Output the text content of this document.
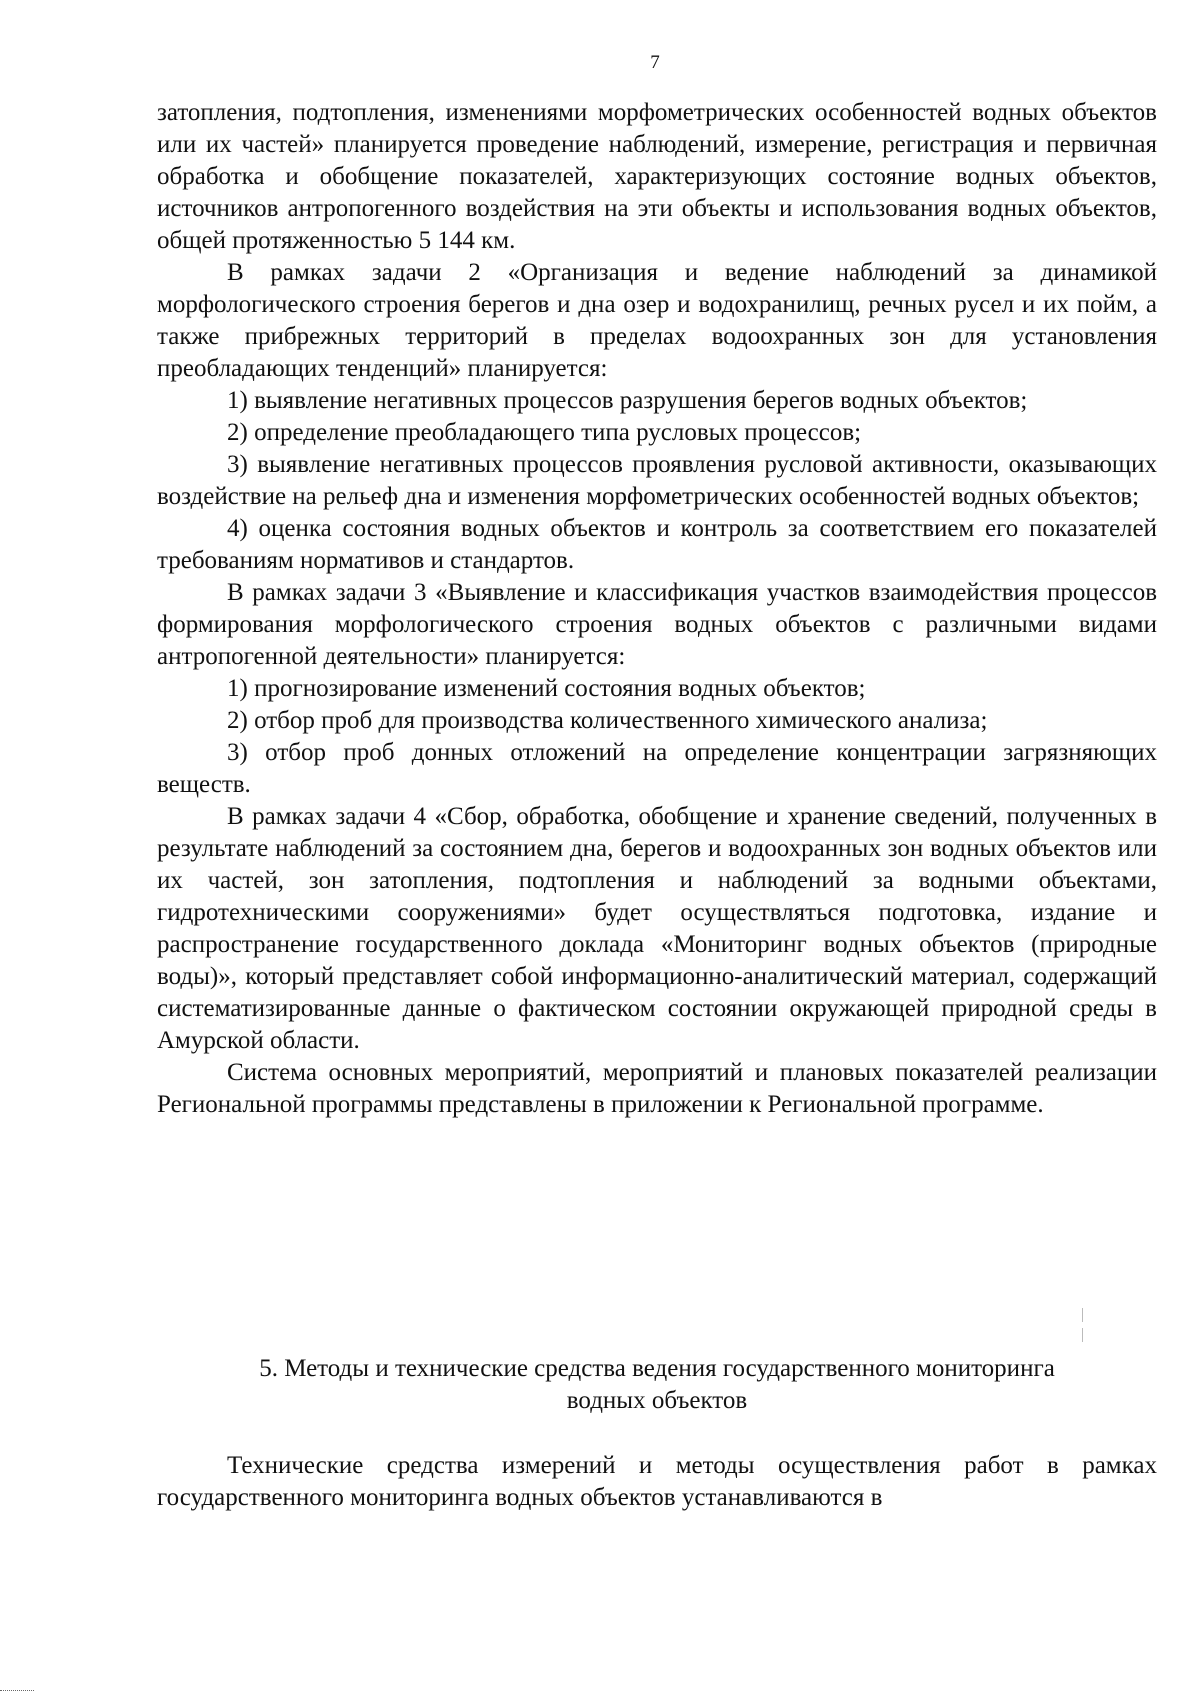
7

затопления, подтопления, изменениями морфометрических особенностей водных объектов или их частей» планируется проведение наблюдений, измерение, регистрация и первичная обработка и обобщение показателей, характеризующих состояние водных объектов, источников антропогенного воздействия на эти объекты и использования водных объектов, общей протяженностью 5 144 км.

В рамках задачи 2 «Организация и ведение наблюдений за динамикой морфологического строения берегов и дна озер и водохранилищ, речных русел и их пойм, а также прибрежных территорий в пределах водоохранных зон для установления преобладающих тенденций» планируется:

1) выявление негативных процессов разрушения берегов водных объектов;

2) определение преобладающего типа русловых процессов;

3) выявление негативных процессов проявления русловой активности, оказывающих воздействие на рельеф дна и изменения морфометрических особенностей водных объектов;

4) оценка состояния водных объектов и контроль за соответствием его показателей требованиям нормативов и стандартов.

В рамках задачи 3 «Выявление и классификация участков взаимодействия процессов формирования морфологического строения водных объектов с различными видами антропогенной деятельности» планируется:

1) прогнозирование изменений состояния водных объектов;

2) отбор проб для производства количественного химического анализа;

3) отбор проб донных отложений на определение концентрации загрязняющих веществ.

В рамках задачи 4 «Сбор, обработка, обобщение и хранение сведений, полученных в результате наблюдений за состоянием дна, берегов и водоохранных зон водных объектов или их частей, зон затопления, подтопления и наблюдений за водными объектами, гидротехническими сооружениями» будет осуществляться подготовка, издание и распространение государственного доклада «Мониторинг водных объектов (природные воды)», который представляет собой информационно-аналитический материал, содержащий систематизированные данные о фактическом состоянии окружающей природной среды в Амурской области.

Система основных мероприятий, мероприятий и плановых показателей реализации Региональной программы представлены в приложении к Региональной программе.

5. Методы и технические средства ведения государственного мониторинга
водных объектов

Технические средства измерений и методы осуществления работ в рамках государственного мониторинга водных объектов устанавливаются в
